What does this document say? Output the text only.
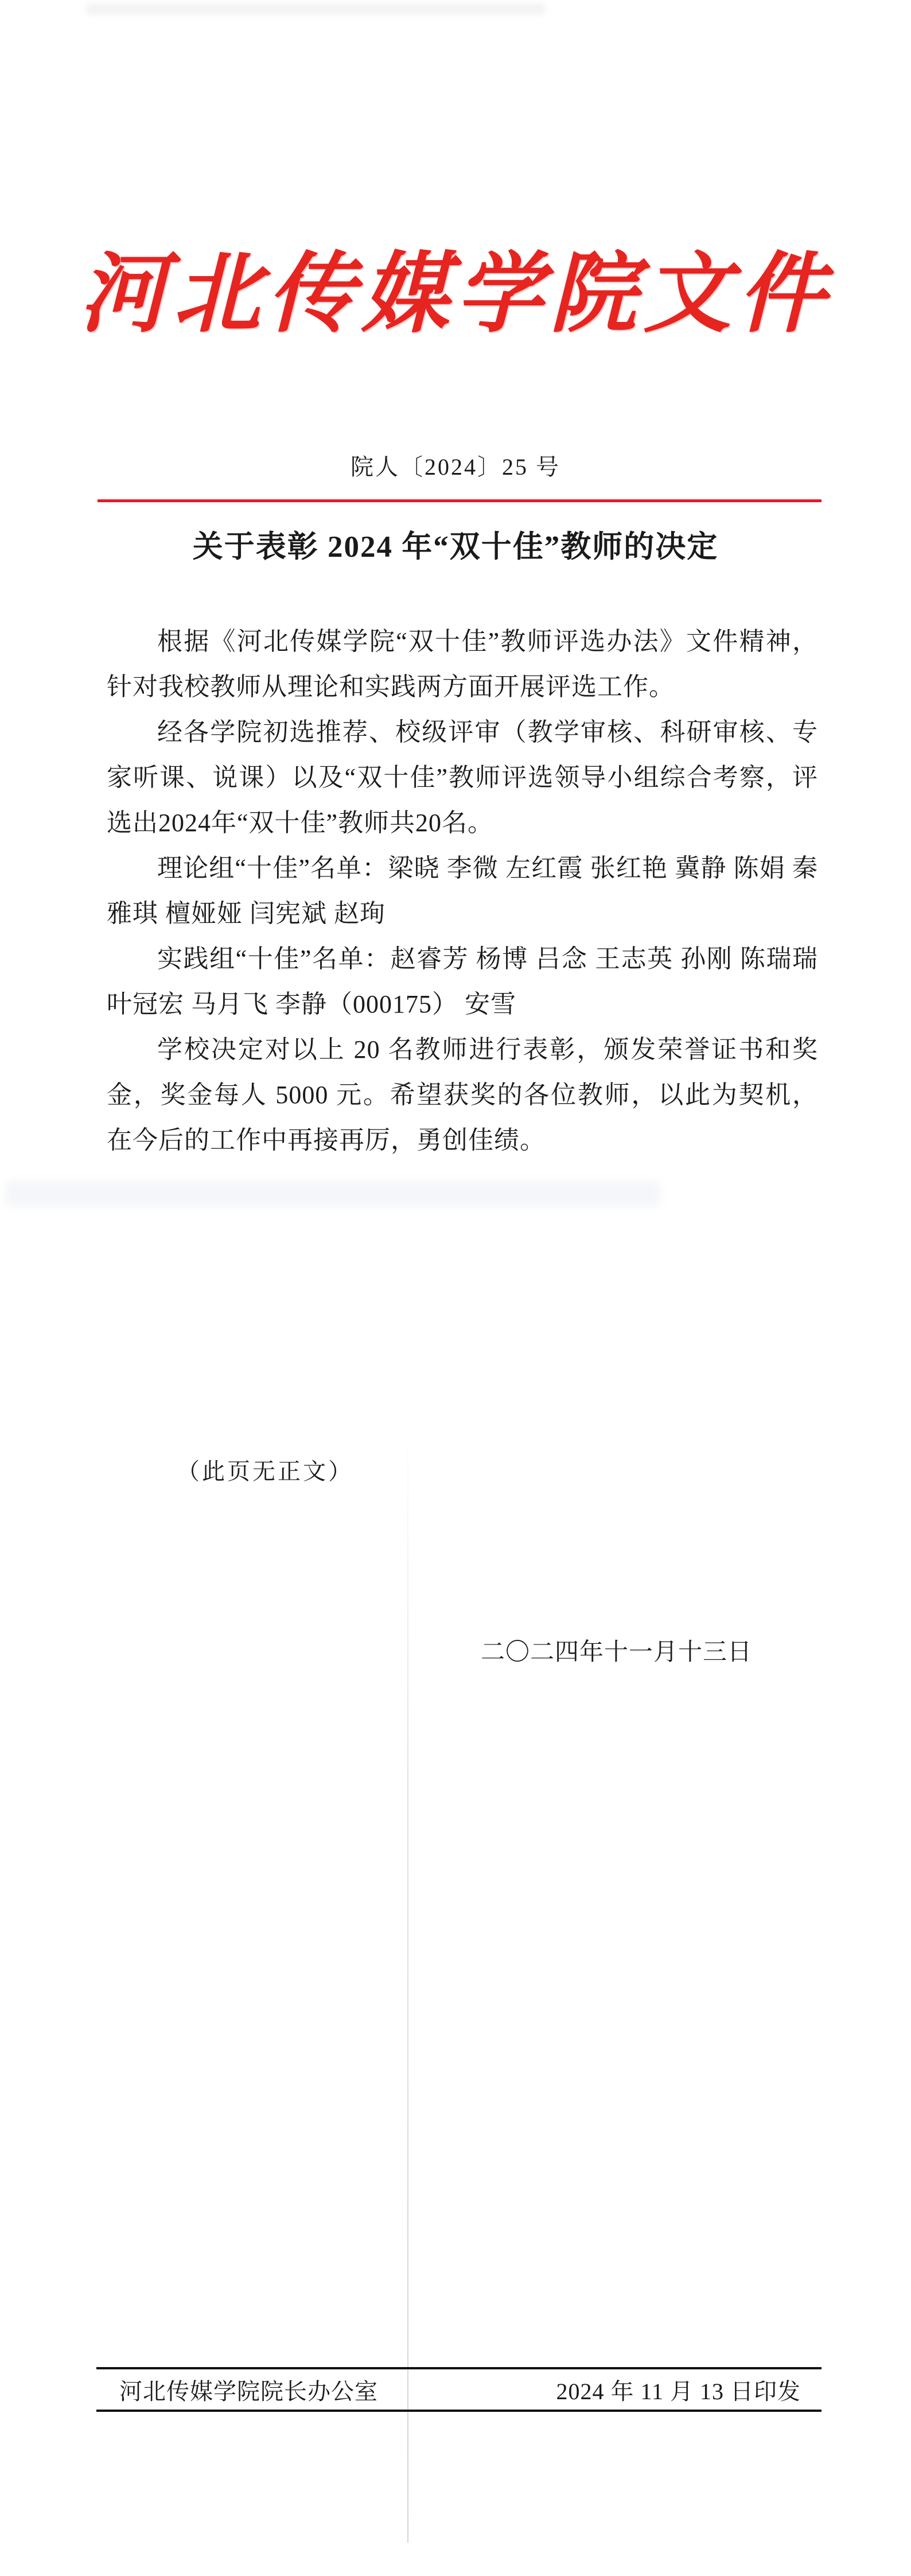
河北传媒学院文件
院人〔2024〕25 号
关于表彰 2024 年“双十佳”教师的决定

根据《河北传媒学院“双十佳”教师评选办法》文件精神，针对我校教师从理论和实践两方面开展评选工作。

经各学院初选推荐、校级评审（教学审核、科研审核、专家听课、说课）以及“双十佳”教师评选领导小组综合考察，评选出2024年“双十佳”教师共20名。

理论组“十佳”名单：梁晓 李微 左红霞 张红艳 冀静 陈娟 秦雅琪 檀娅娅 闫宪斌 赵珣

实践组“十佳”名单：赵睿芳 杨博 吕念 王志英 孙刚 陈瑞瑞 叶冠宏 马月飞 李静（000175） 安雪

学校决定对以上 20 名教师进行表彰，颁发荣誉证书和奖金，奖金每人 5000 元。希望获奖的各位教师，以此为契机，在今后的工作中再接再厉，勇创佳绩。

（此页无正文）
二〇二四年十一月十三日
河北传媒学院院长办公室	2024 年 11 月 13 日印发
